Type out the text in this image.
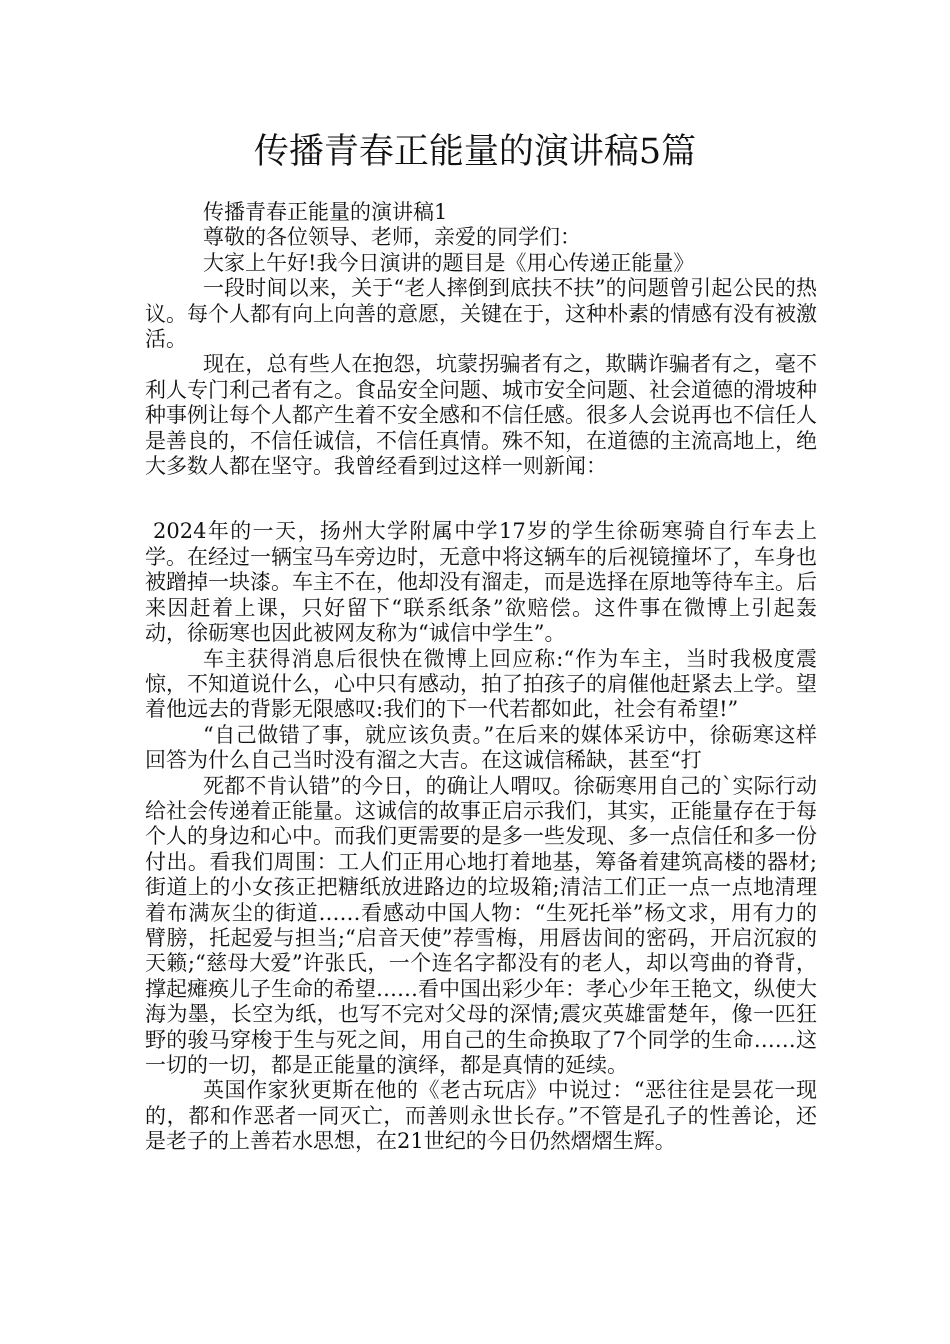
传播青春正能量的演讲稿5篇

传播青春正能量的演讲稿1

尊敬的各位领导、老师，亲爱的同学们：

大家上午好!我今日演讲的题目是《用心传递正能量》

一段时间以来，关于“老人摔倒到底扶不扶”的问题曾引起公民的热议。每个人都有向上向善的意愿，关键在于，这种朴素的情感有没有被激活。

现在，总有些人在抱怨，坑蒙拐骗者有之，欺瞒诈骗者有之，毫不利人专门利己者有之。食品安全问题、城市安全问题、社会道德的滑坡种种事例让每个人都产生着不安全感和不信任感。很多人会说再也不信任人是善良的，不信任诚信，不信任真情。殊不知，在道德的主流高地上，绝大多数人都在坚守。我曾经看到过这样一则新闻：

2024年的一天，扬州大学附属中学17岁的学生徐砺寒骑自行车去上学。在经过一辆宝马车旁边时，无意中将这辆车的后视镜撞坏了，车身也被蹭掉一块漆。车主不在，他却没有溜走，而是选择在原地等待车主。后来因赶着上课，只好留下“联系纸条”欲赔偿。这件事在微博上引起轰动，徐砺寒也因此被网友称为“诚信中学生”。

车主获得消息后很快在微博上回应称:“作为车主，当时我极度震惊，不知道说什么，心中只有感动，拍了拍孩子的肩催他赶紧去上学。望着他远去的背影无限感叹:我们的下一代若都如此，社会有希望!”

“自己做错了事，就应该负责。”在后来的媒体采访中，徐砺寒这样回答为什么自己当时没有溜之大吉。在这诚信稀缺，甚至“打

死都不肯认错”的今日，的确让人喟叹。徐砺寒用自己的`实际行动给社会传递着正能量。这诚信的故事正启示我们，其实，正能量存在于每个人的身边和心中。而我们更需要的是多一些发现、多一点信任和多一份付出。看我们周围：工人们正用心地打着地基，筹备着建筑高楼的器材;街道上的小女孩正把糖纸放进路边的垃圾箱;清洁工们正一点一点地清理着布满灰尘的街道……看感动中国人物：“生死托举”杨文求，用有力的臂膀，托起爱与担当;“启音天使”荐雪梅，用唇齿间的密码，开启沉寂的天籁;“慈母大爱”许张氏，一个连名字都没有的老人，却以弯曲的脊背，撑起瘫痪儿子生命的希望……看中国出彩少年：孝心少年王艳文，纵使大海为墨，长空为纸，也写不完对父母的深情;震灾英雄雷楚年，像一匹狂野的骏马穿梭于生与死之间，用自己的生命换取了7个同学的生命……这一切的一切，都是正能量的演绎，都是真情的延续。

英国作家狄更斯在他的《老古玩店》中说过：“恶往往是昙花一现的，都和作恶者一同灭亡，而善则永世长存。”不管是孔子的性善论，还是老子的上善若水思想，在21世纪的今日仍然熠熠生辉。
